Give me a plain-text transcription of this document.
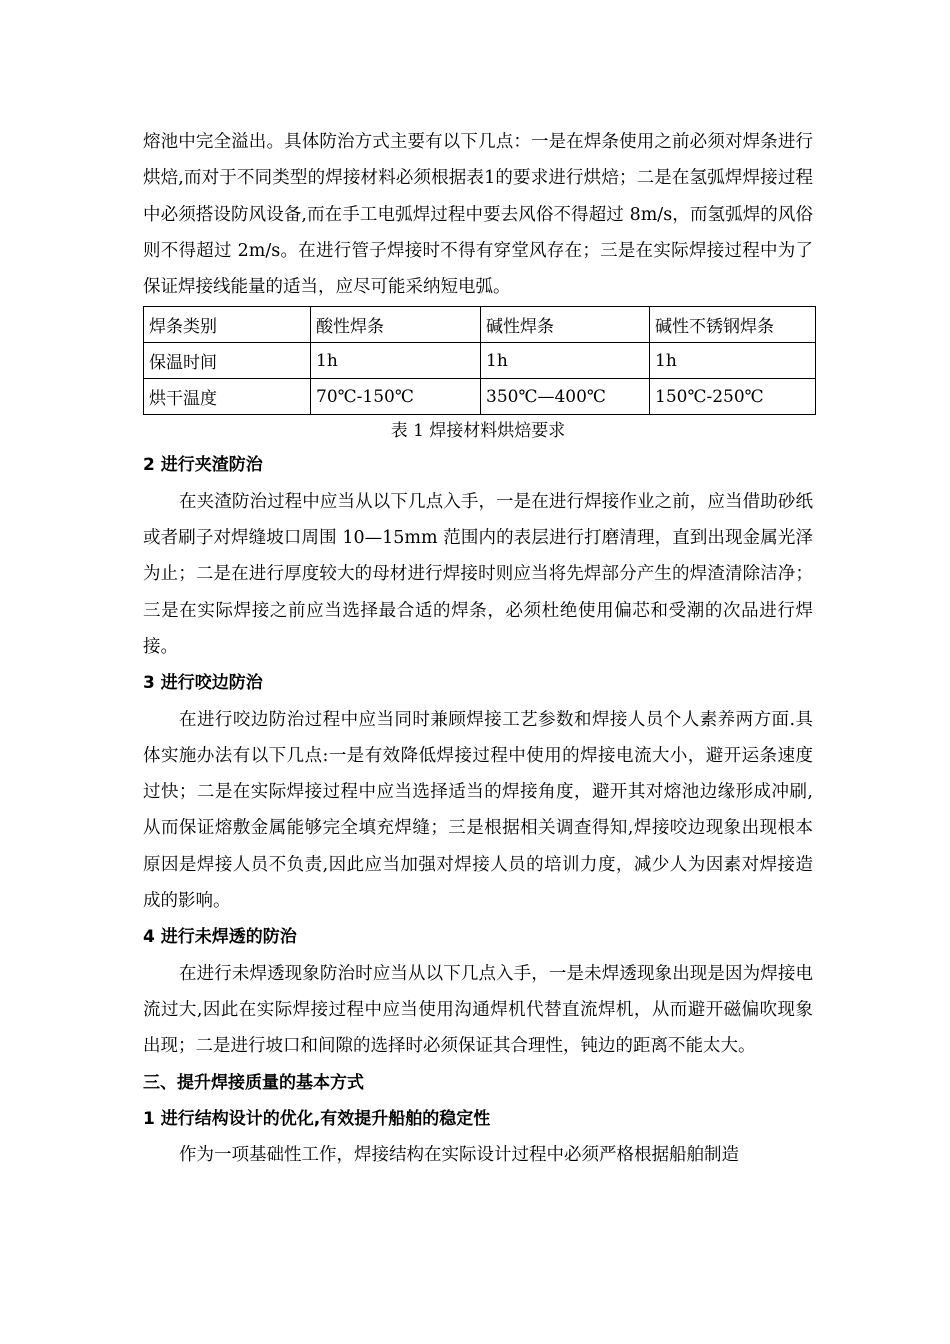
熔池中完全溢出。具体防治方式主要有以下几点：一是在焊条使用之前必须对焊条进行烘焙,而对于不同类型的焊接材料必须根据表1的要求进行烘焙；二是在氢弧焊焊接过程中必须搭设防风设备,而在手工电弧焊过程中要去风俗不得超过 8m/s，而氢弧焊的风俗则不得超过 2m/s。在进行管子焊接时不得有穿堂风存在；三是在实际焊接过程中为了保证焊接线能量的适当，应尽可能采纳短电弧。

焊条类别	酸性焊条	碱性焊条	碱性不锈钢焊条
保温时间	1h	1h	1h
烘干温度	70℃-150℃	350℃—400℃	150℃-250℃

表 1 焊接材料烘焙要求

2 进行夹渣防治

在夹渣防治过程中应当从以下几点入手，一是在进行焊接作业之前，应当借助砂纸或者刷子对焊缝坡口周围 10—15mm 范围内的表层进行打磨清理，直到出现金属光泽为止；二是在进行厚度较大的母材进行焊接时则应当将先焊部分产生的焊渣清除洁净；三是在实际焊接之前应当选择最合适的焊条，必须杜绝使用偏芯和受潮的次品进行焊接。

3 进行咬边防治

在进行咬边防治过程中应当同时兼顾焊接工艺参数和焊接人员个人素养两方面.具体实施办法有以下几点:一是有效降低焊接过程中使用的焊接电流大小，避开运条速度过快；二是在实际焊接过程中应当选择适当的焊接角度，避开其对熔池边缘形成冲刷,从而保证熔敷金属能够完全填充焊缝；三是根据相关调查得知,焊接咬边现象出现根本原因是焊接人员不负责,因此应当加强对焊接人员的培训力度，减少人为因素对焊接造成的影响。

4 进行未焊透的防治

在进行未焊透现象防治时应当从以下几点入手，一是未焊透现象出现是因为焊接电流过大,因此在实际焊接过程中应当使用沟通焊机代替直流焊机，从而避开磁偏吹现象出现；二是进行坡口和间隙的选择时必须保证其合理性，钝边的距离不能太大。

三、提升焊接质量的基本方式

1 进行结构设计的优化,有效提升船舶的稳定性

作为一项基础性工作，焊接结构在实际设计过程中必须严格根据船舶制造
